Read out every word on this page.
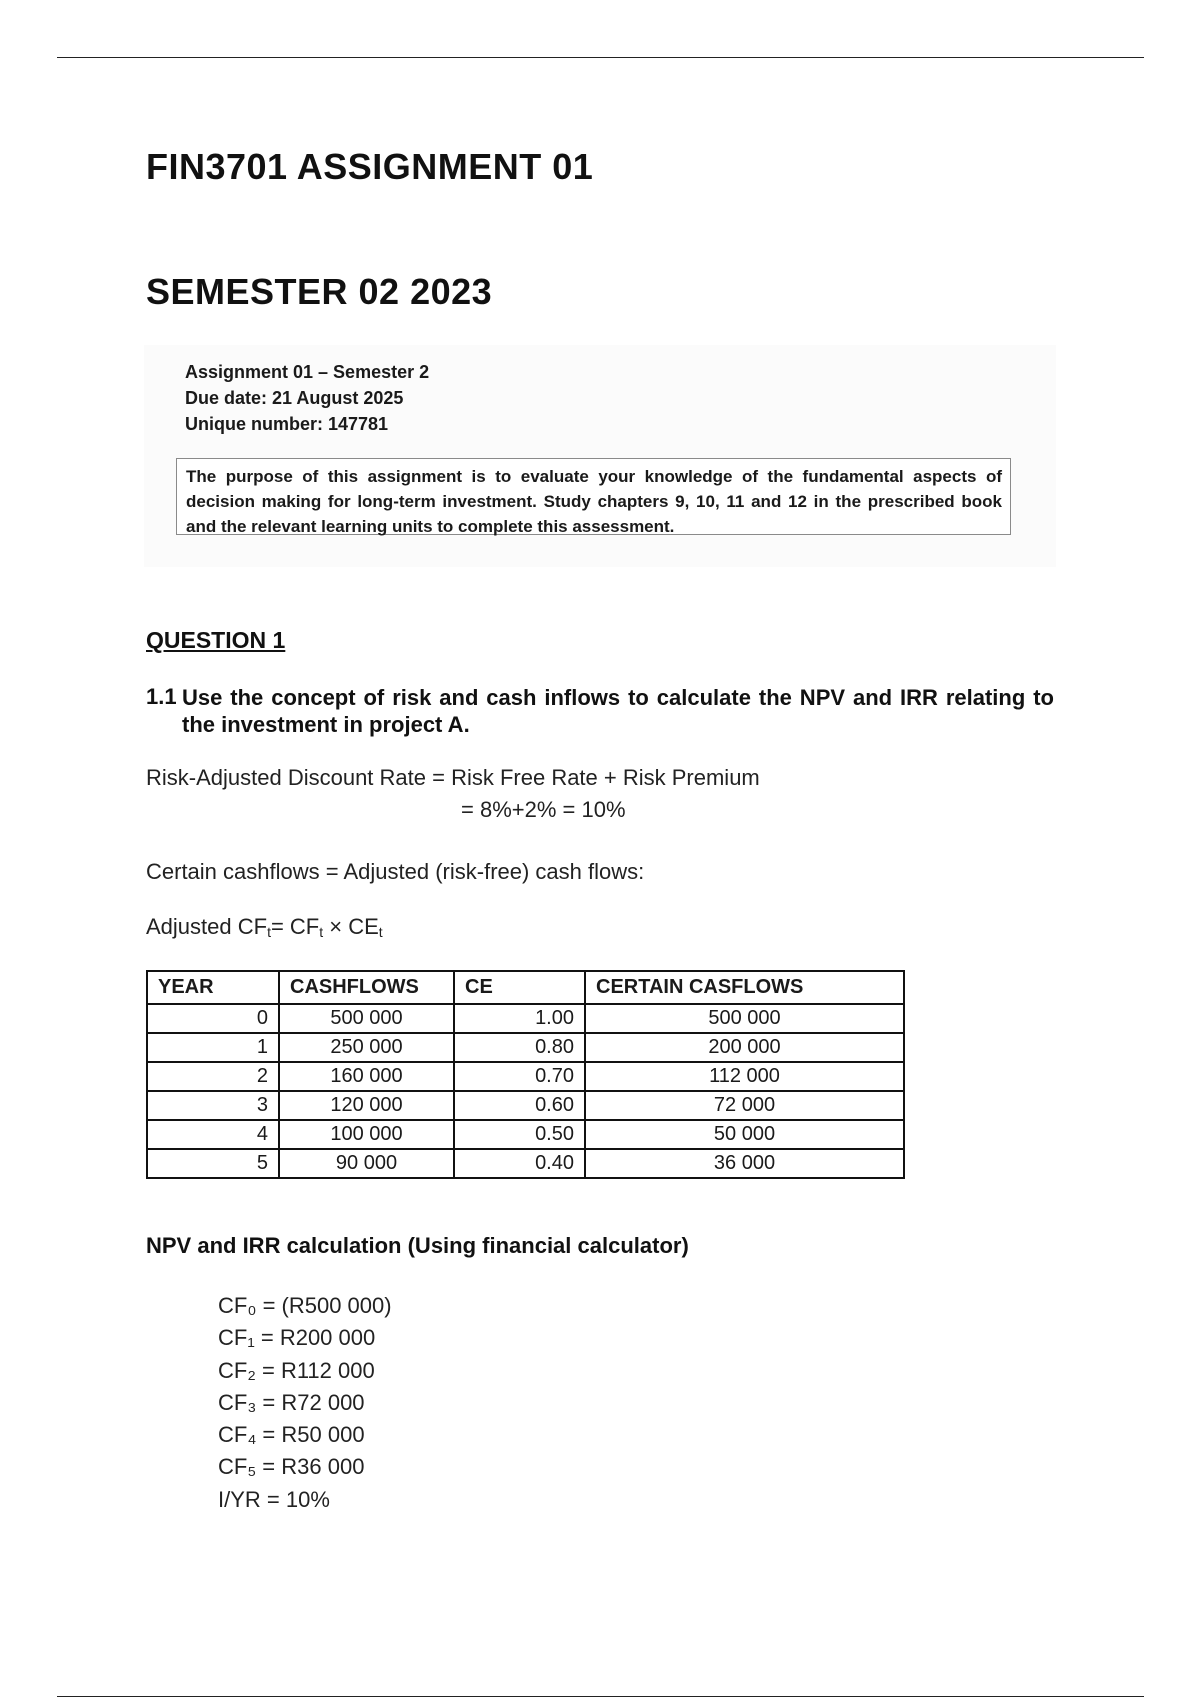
FIN3701 ASSIGNMENT 01
SEMESTER 02 2023
Assignment 01 – Semester 2
Due date: 21 August 2025
Unique number: 147781
The purpose of this assignment is to evaluate your knowledge of the fundamental aspects of decision making for long-term investment. Study chapters 9, 10, 11 and 12 in the prescribed book and the relevant learning units to complete this assessment.
QUESTION 1
1.1 Use the concept of risk and cash inflows to calculate the NPV and IRR relating to the investment in project A.
Risk-Adjusted Discount Rate = Risk Free Rate + Risk Premium
= 8%+2% = 10%
Certain cashflows = Adjusted (risk-free) cash flows:
Adjusted CFt= CFt × CEt
YEAR	CASHFLOWS	CE	CERTAIN CASFLOWS
0	500 000	1.00	500 000
1	250 000	0.80	200 000
2	160 000	0.70	112 000
3	120 000	0.60	72 000
4	100 000	0.50	50 000
5	90 000	0.40	36 000
NPV and IRR calculation (Using financial calculator)
CF₀ = (R500 000)
CF₁ = R200 000
CF₂ = R112 000
CF₃ = R72 000
CF₄ = R50 000
CF₅ = R36 000
I/YR = 10%
